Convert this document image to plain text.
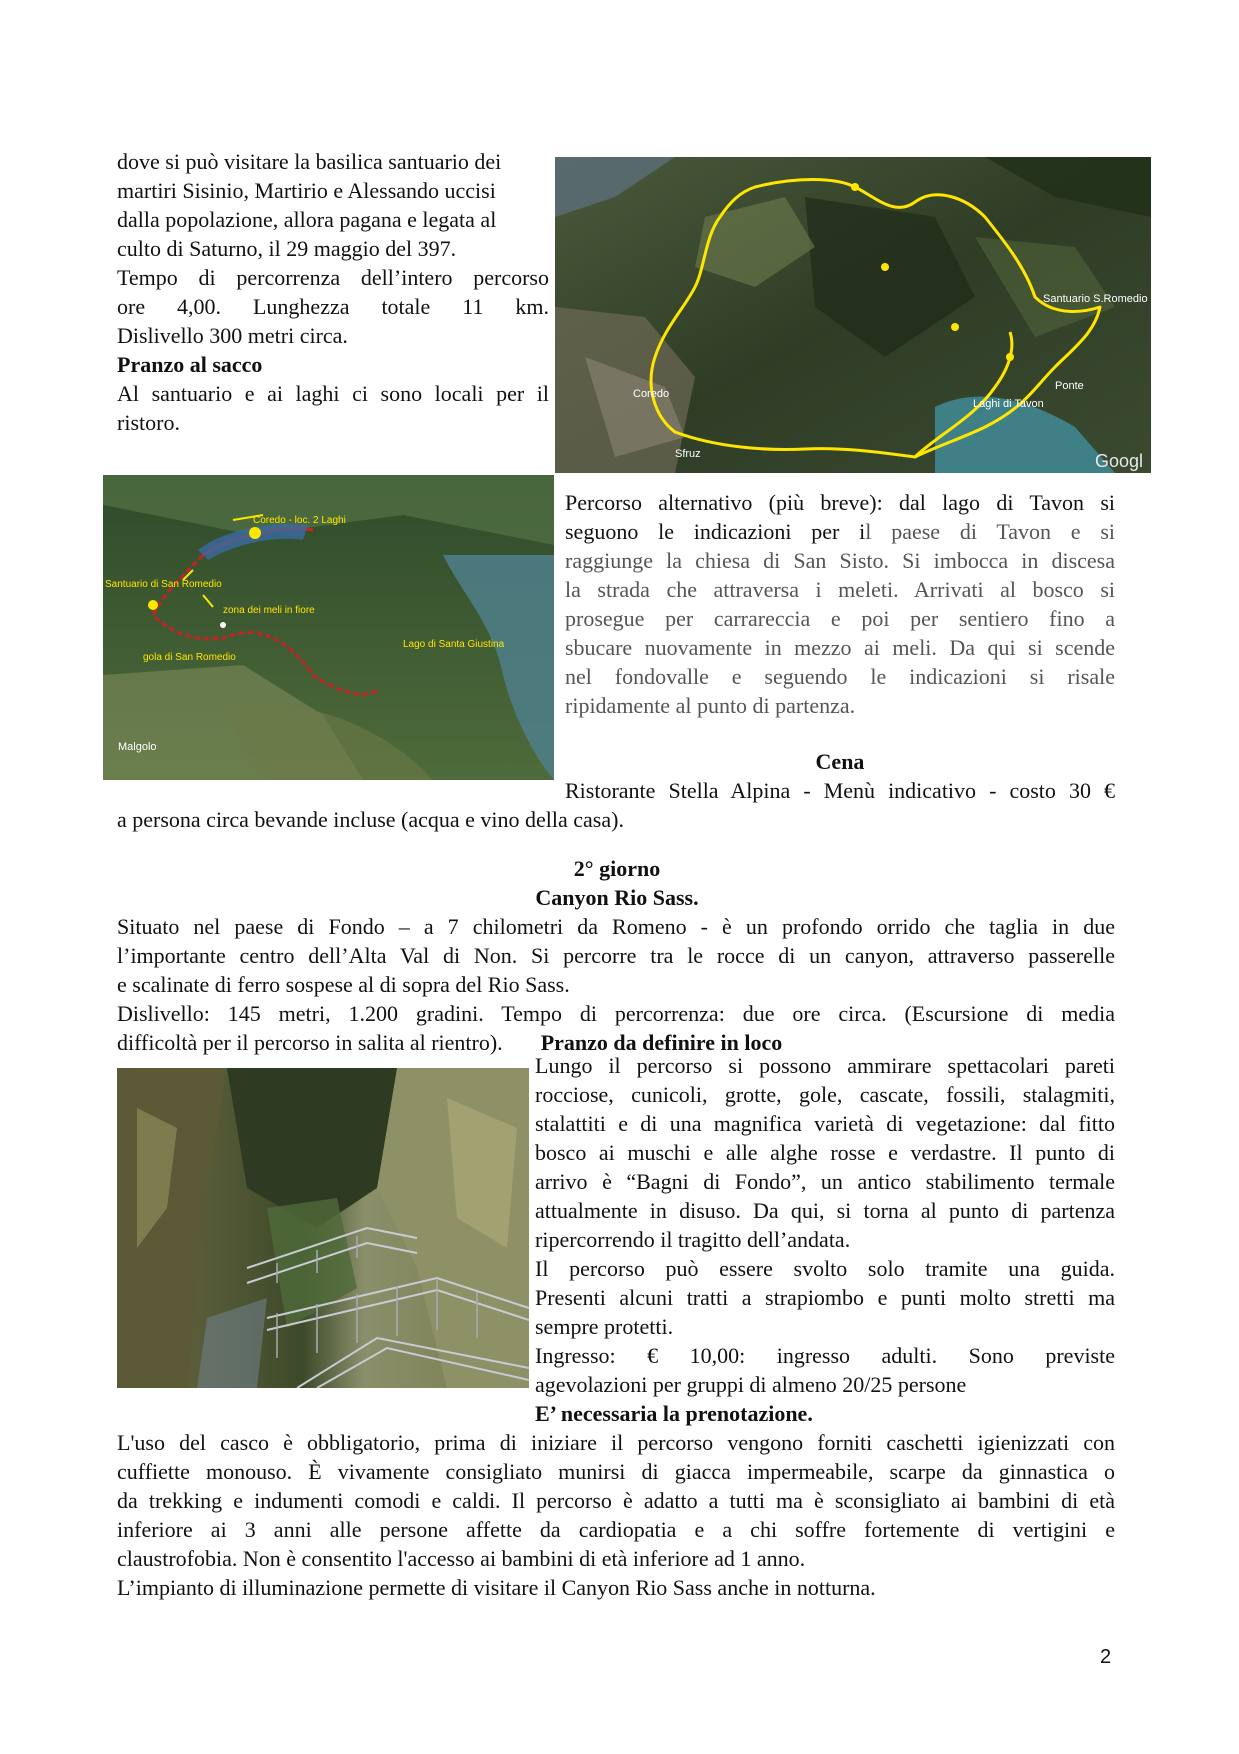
dove si può visitare la basilica santuario dei

martiri Sisinio, Martirio e Alessando uccisi

dalla popolazione, allora pagana e legata al

culto di Saturno, il 29 maggio del 397.

Tempo di percorrenza dell’intero percorso

ore 4,00. Lunghezza totale 11 km.

Dislivello 300 metri circa.

Pranzo al sacco

Al santuario e ai laghi ci sono locali per il

ristoro.

Santuario S.Romedio
Coredo
Laghi di Tavon
Ponte
Sfruz	Googl
Coredo - loc. 2 Laghi
Santuario di San Romedio
zona dei meli in fiore
gola di San Romedio
Lago di Santa Giustina
Malgolo

Percorso alternativo (più breve): dal lago di Tavon si

seguono le indicazioni per il paese di Tavon e si

raggiunge la chiesa di San Sisto. Si imbocca in discesa

la strada che attraversa i meleti. Arrivati al bosco si

prosegue per carrareccia e poi per sentiero fino a

sbucare nuovamente in mezzo ai meli. Da qui si scende

nel fondovalle e seguendo le indicazioni si risale

ripidamente al punto di partenza.

Cena
Ristorante Stella Alpina - Menù indicativo - costo 30 €
a persona circa bevande incluse (acqua e vino della casa).
2° giorno
Canyon Rio Sass.

Situato nel paese di Fondo – a 7 chilometri da Romeno - è un profondo orrido che taglia in due

l’importante centro dell’Alta Val di Non. Si percorre tra le rocce di un canyon, attraverso passerelle

e scalinate di ferro sospese al di sopra del Rio Sass.

Dislivello: 145 metri, 1.200 gradini. Tempo di percorrenza: due ore circa. (Escursione di media

difficoltà per il percorso in salita al rientro). Pranzo da definire in loco

Lungo il percorso si possono ammirare spettacolari pareti

rocciose, cunicoli, grotte, gole, cascate, fossili, stalagmiti,

stalattiti e di una magnifica varietà di vegetazione: dal fitto

bosco ai muschi e alle alghe rosse e verdastre. Il punto di

arrivo è “Bagni di Fondo”, un antico stabilimento termale

attualmente in disuso. Da qui, si torna al punto di partenza

ripercorrendo il tragitto dell’andata.

Il percorso può essere svolto solo tramite una guida.

Presenti alcuni tratti a strapiombo e punti molto stretti ma

sempre protetti.

Ingresso: € 10,00: ingresso adulti. Sono previste

agevolazioni per gruppi di almeno 20/25 persone

E’ necessaria la prenotazione.

L'uso del casco è obbligatorio, prima di iniziare il percorso vengono forniti caschetti igienizzati con

cuffiette monouso. È vivamente consigliato munirsi di giacca impermeabile, scarpe da ginnastica o

da trekking e indumenti comodi e caldi. Il percorso è adatto a tutti ma è sconsigliato ai bambini di età

inferiore ai 3 anni alle persone affette da cardiopatia e a chi soffre fortemente di vertigini e

claustrofobia. Non è consentito l'accesso ai bambini di età inferiore ad 1 anno.

L’impianto di illuminazione permette di visitare il Canyon Rio Sass anche in notturna.

2
